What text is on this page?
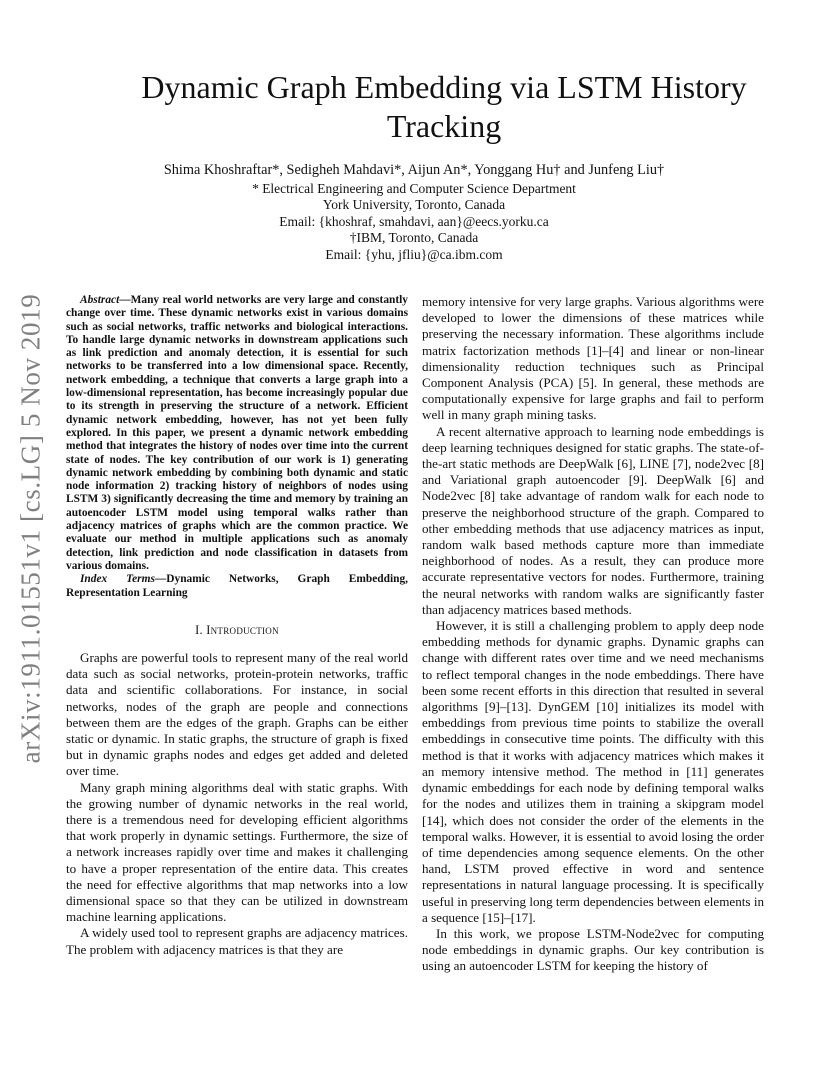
arXiv:1911.01551v1 [cs.LG] 5 Nov 2019
Dynamic Graph Embedding via LSTM History Tracking
Shima Khoshraftar*, Sedigheh Mahdavi*, Aijun An*, Yonggang Hu† and Junfeng Liu†
* Electrical Engineering and Computer Science Department
York University, Toronto, Canada
Email: {khoshraf, smahdavi, aan}@eecs.yorku.ca
†IBM, Toronto, Canada
Email: {yhu, jfliu}@ca.ibm.com

Abstract—Many real world networks are very large and constantly change over time. These dynamic networks exist in various domains such as social networks, traffic networks and biological interactions. To handle large dynamic networks in downstream applications such as link prediction and anomaly detection, it is essential for such networks to be transferred into a low dimensional space. Recently, network embedding, a technique that converts a large graph into a low-dimensional representation, has become increasingly popular due to its strength in preserving the structure of a network. Efficient dynamic network embedding, however, has not yet been fully explored. In this paper, we present a dynamic network embedding method that integrates the history of nodes over time into the current state of nodes. The key contribution of our work is 1) generating dynamic network embedding by combining both dynamic and static node information 2) tracking history of neighbors of nodes using LSTM 3) significantly decreasing the time and memory by training an autoencoder LSTM model using temporal walks rather than adjacency matrices of graphs which are the common practice. We evaluate our method in multiple applications such as anomaly detection, link prediction and node classification in datasets from various domains.

Index Terms—Dynamic Networks, Graph Embedding, Representation Learning

I. Introduction

Graphs are powerful tools to represent many of the real world data such as social networks, protein-protein networks, traffic data and scientific collaborations. For instance, in social networks, nodes of the graph are people and connections between them are the edges of the graph. Graphs can be either static or dynamic. In static graphs, the structure of graph is fixed but in dynamic graphs nodes and edges get added and deleted over time.

Many graph mining algorithms deal with static graphs. With the growing number of dynamic networks in the real world, there is a tremendous need for developing efficient algorithms that work properly in dynamic settings. Furthermore, the size of a network increases rapidly over time and makes it challenging to have a proper representation of the entire data. This creates the need for effective algorithms that map networks into a low dimensional space so that they can be utilized in downstream machine learning applications.

A widely used tool to represent graphs are adjacency matrices. The problem with adjacency matrices is that they are

memory intensive for very large graphs. Various algorithms were developed to lower the dimensions of these matrices while preserving the necessary information. These algorithms include matrix factorization methods [1]–[4] and linear or non-linear dimensionality reduction techniques such as Principal Component Analysis (PCA) [5]. In general, these methods are computationally expensive for large graphs and fail to perform well in many graph mining tasks.

A recent alternative approach to learning node embeddings is deep learning techniques designed for static graphs. The state-of-the-art static methods are DeepWalk [6], LINE [7], node2vec [8] and Variational graph autoencoder [9]. DeepWalk [6] and Node2vec [8] take advantage of random walk for each node to preserve the neighborhood structure of the graph. Compared to other embedding methods that use adjacency matrices as input, random walk based methods capture more than immediate neighborhood of nodes. As a result, they can produce more accurate representative vectors for nodes. Furthermore, training the neural networks with random walks are significantly faster than adjacency matrices based methods.

However, it is still a challenging problem to apply deep node embedding methods for dynamic graphs. Dynamic graphs can change with different rates over time and we need mechanisms to reflect temporal changes in the node embeddings. There have been some recent efforts in this direction that resulted in several algorithms [9]–[13]. DynGEM [10] initializes its model with embeddings from previous time points to stabilize the overall embeddings in consecutive time points. The difficulty with this method is that it works with adjacency matrices which makes it an memory intensive method. The method in [11] generates dynamic embeddings for each node by defining temporal walks for the nodes and utilizes them in training a skipgram model [14], which does not consider the order of the elements in the temporal walks. However, it is essential to avoid losing the order of time dependencies among sequence elements. On the other hand, LSTM proved effective in word and sentence representations in natural language processing. It is specifically useful in preserving long term dependencies between elements in a sequence [15]–[17].

In this work, we propose LSTM-Node2vec for computing node embeddings in dynamic graphs. Our key contribution is using an autoencoder LSTM for keeping the history of
